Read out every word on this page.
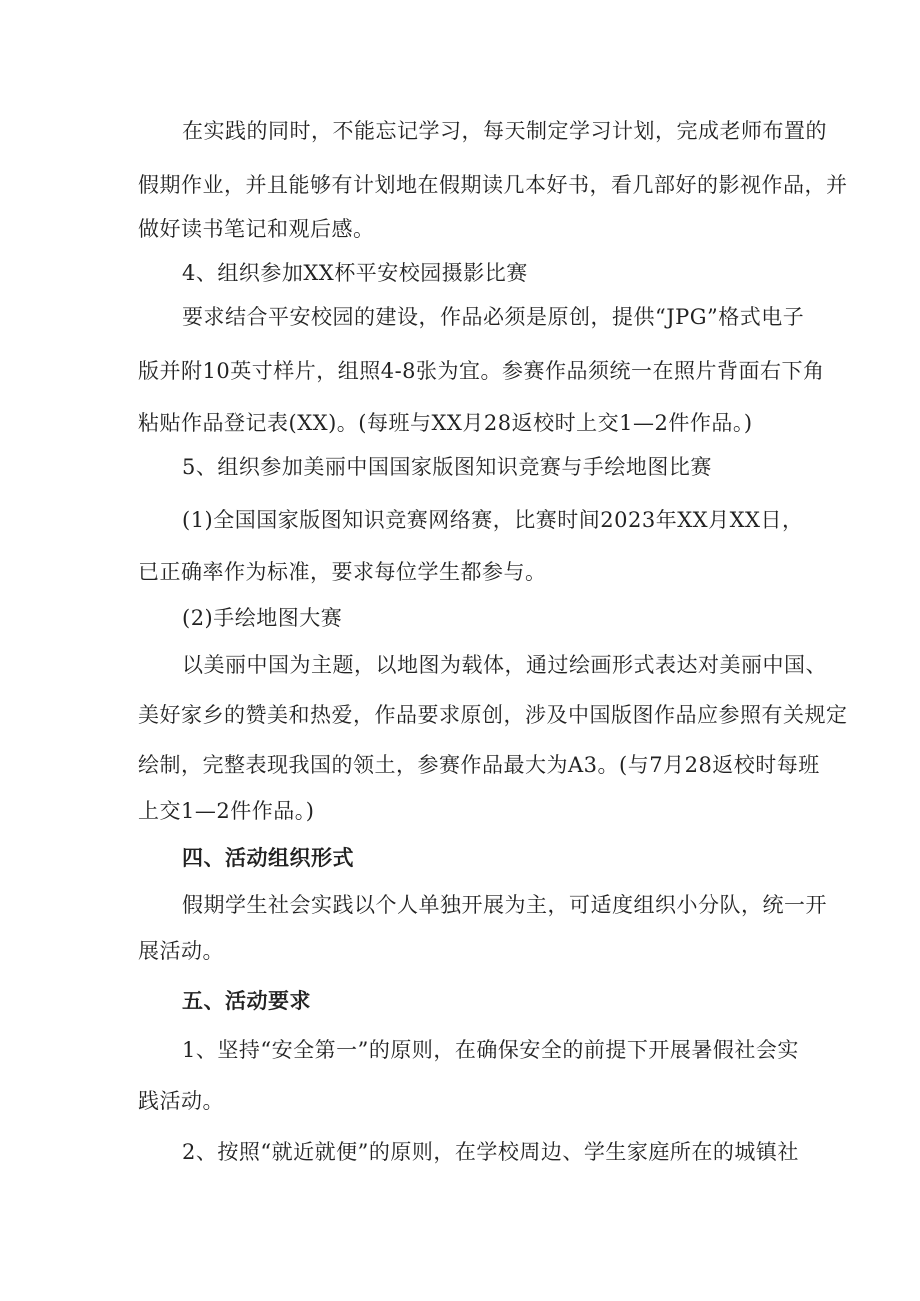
在实践的同时，不能忘记学习，每天制定学习计划，完成老师布置的
假期作业，并且能够有计划地在假期读几本好书，看几部好的影视作品，并
做好读书笔记和观后感。
4、组织参加XX杯平安校园摄影比赛
要求结合平安校园的建设，作品必须是原创，提供“JPG”格式电子
版并附10英寸样片，组照4-8张为宜。参赛作品须统一在照片背面右下角
粘贴作品登记表(XX)。(每班与XX月28返校时上交1—2件作品。)
5、组织参加美丽中国国家版图知识竞赛与手绘地图比赛
(1)全国国家版图知识竞赛网络赛，比赛时间2023年XX月XX日，
已正确率作为标准，要求每位学生都参与。
(2)手绘地图大赛
以美丽中国为主题，以地图为载体，通过绘画形式表达对美丽中国、
美好家乡的赞美和热爱，作品要求原创，涉及中国版图作品应参照有关规定
绘制，完整表现我国的领土，参赛作品最大为A3。(与7月28返校时每班
上交1—2件作品。)
四、活动组织形式
假期学生社会实践以个人单独开展为主，可适度组织小分队，统一开
展活动。
五、活动要求
1、坚持“安全第一”的原则，在确保安全的前提下开展暑假社会实
践活动。
2、按照“就近就便”的原则，在学校周边、学生家庭所在的城镇社
